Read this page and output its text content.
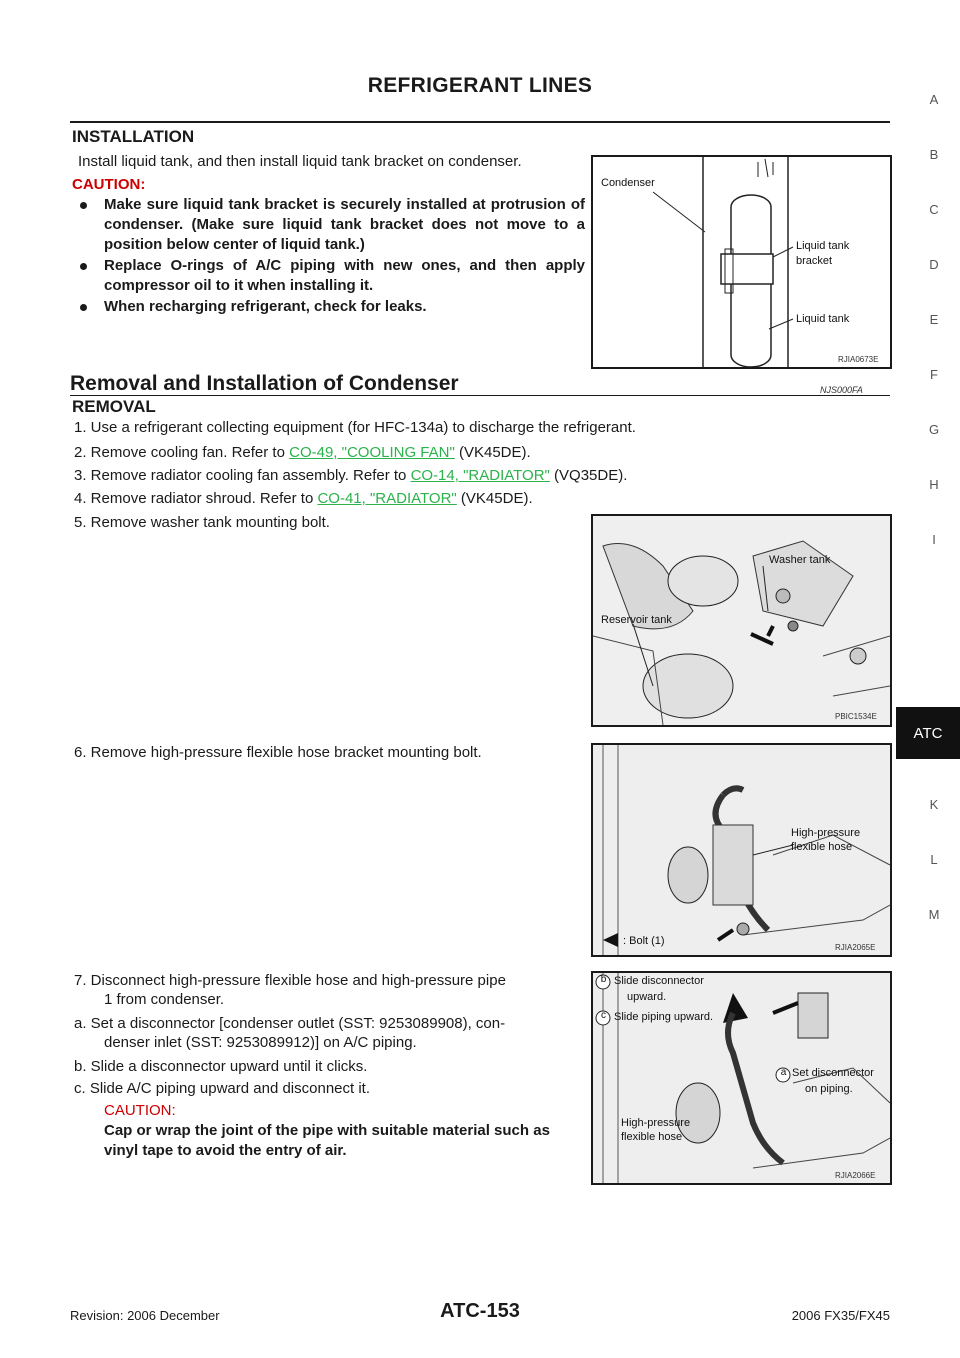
REFRIGERANT LINES
INSTALLATION
Install liquid tank, and then install liquid tank bracket on condenser.
CAUTION:
Make sure liquid tank bracket is securely installed at protrusion of condenser. (Make sure liquid tank bracket does not move to a position below center of liquid tank.)
Replace O-rings of A/C piping with new ones, and then apply compressor oil to it when installing it.
When recharging refrigerant, check for leaks.
Condenser
Liquid tank
bracket
Liquid tank
RJIA0673E
Removal and Installation of Condenser	NJS000FA
REMOVAL
1. Use a refrigerant collecting equipment (for HFC-134a) to discharge the refrigerant.
2. Remove cooling fan. Refer to CO-49, "COOLING FAN" (VK45DE).
3. Remove radiator cooling fan assembly. Refer to CO-14, "RADIATOR" (VQ35DE).
4. Remove radiator shroud. Refer to CO-41, "RADIATOR" (VK45DE).
5. Remove washer tank mounting bolt.
Washer tank
Reservoir tank
PBIC1534E
6. Remove high-pressure flexible hose bracket mounting bolt.
High-pressure
flexible hose
: Bolt (1)
RJIA2065E
7. Disconnect high-pressure flexible hose and high-pressure pipe
1 from condenser.
a. Set a disconnector [condenser outlet (SST: 9253089908), con-
denser inlet (SST: 9253089912)] on A/C piping.
b. Slide a disconnector upward until it clicks.
c. Slide A/C piping upward and disconnect it.
CAUTION:
Cap or wrap the joint of the pipe with suitable material such as vinyl tape to avoid the entry of air.
b Slide disconnector
upward.
c Slide piping upward.
a Set disconnector
on piping.
High-pressure
flexible hose
RJIA2066E
A
B
C
D
E
F
G
H
I
ATC
K
L
M
Revision: 2006 December	ATC-153	2006 FX35/FX45
